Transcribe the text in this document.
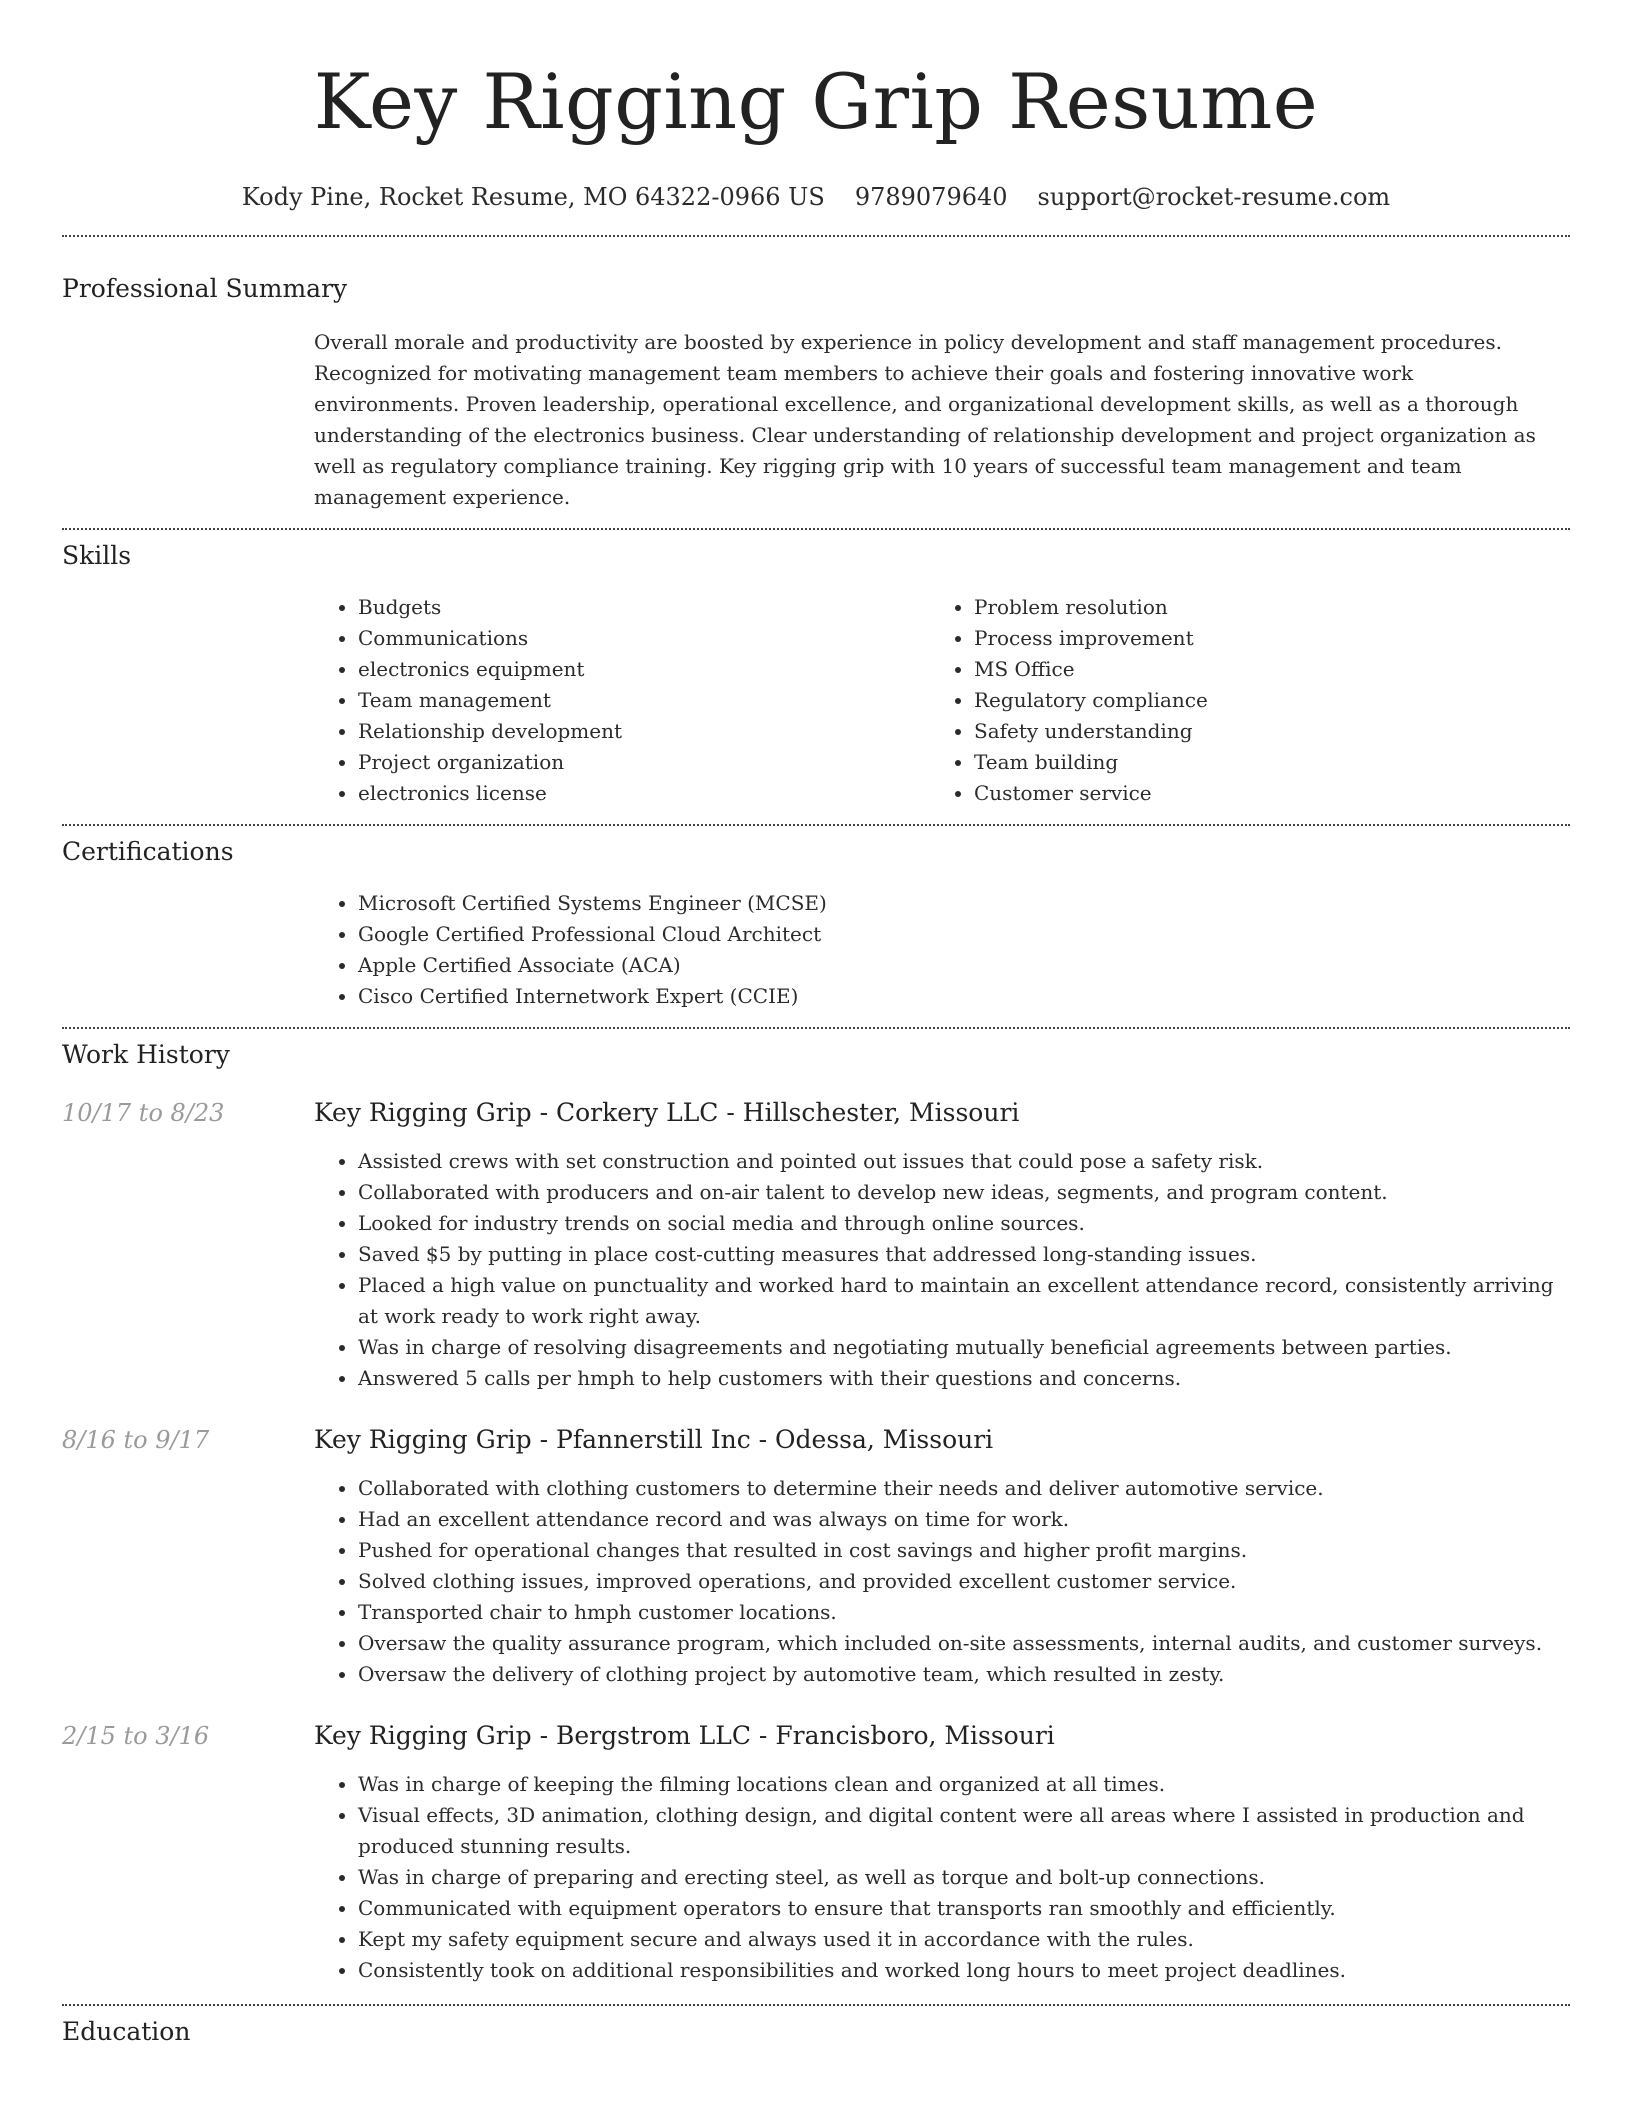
Key Rigging Grip Resume
Kody Pine, Rocket Resume, MO 64322-0966 US 9789079640 support@rocket-resume.com
Professional Summary
Overall morale and productivity are boosted by experience in policy development and staff management procedures. Recognized for motivating management team members to achieve their goals and fostering innovative work environments. Proven leadership, operational excellence, and organizational development skills, as well as a thorough understanding of the electronics business. Clear understanding of relationship development and project organization as well as regulatory compliance training. Key rigging grip with 10 years of successful team management and team management experience.
Skills
• Budgets
• Communications
• electronics equipment
• Team management
• Relationship development
• Project organization
• electronics license
• Problem resolution
• Process improvement
• MS Office
• Regulatory compliance
• Safety understanding
• Team building
• Customer service
Certifications
• Microsoft Certified Systems Engineer (MCSE)
• Google Certified Professional Cloud Architect
• Apple Certified Associate (ACA)
• Cisco Certified Internetwork Expert (CCIE)
Work History
10/17 to 8/23	Key Rigging Grip - Corkery LLC - Hillschester, Missouri
• Assisted crews with set construction and pointed out issues that could pose a safety risk.
• Collaborated with producers and on-air talent to develop new ideas, segments, and program content.
• Looked for industry trends on social media and through online sources.
• Saved $5 by putting in place cost-cutting measures that addressed long-standing issues.
• Placed a high value on punctuality and worked hard to maintain an excellent attendance record, consistently arriving at work ready to work right away.
• Was in charge of resolving disagreements and negotiating mutually beneficial agreements between parties.
• Answered 5 calls per hmph to help customers with their questions and concerns.
8/16 to 9/17	Key Rigging Grip - Pfannerstill Inc - Odessa, Missouri
• Collaborated with clothing customers to determine their needs and deliver automotive service.
• Had an excellent attendance record and was always on time for work.
• Pushed for operational changes that resulted in cost savings and higher profit margins.
• Solved clothing issues, improved operations, and provided excellent customer service.
• Transported chair to hmph customer locations.
• Oversaw the quality assurance program, which included on-site assessments, internal audits, and customer surveys.
• Oversaw the delivery of clothing project by automotive team, which resulted in zesty.
2/15 to 3/16	Key Rigging Grip - Bergstrom LLC - Francisboro, Missouri
• Was in charge of keeping the filming locations clean and organized at all times.
• Visual effects, 3D animation, clothing design, and digital content were all areas where I assisted in production and produced stunning results.
• Was in charge of preparing and erecting steel, as well as torque and bolt-up connections.
• Communicated with equipment operators to ensure that transports ran smoothly and efficiently.
• Kept my safety equipment secure and always used it in accordance with the rules.
• Consistently took on additional responsibilities and worked long hours to meet project deadlines.
Education
